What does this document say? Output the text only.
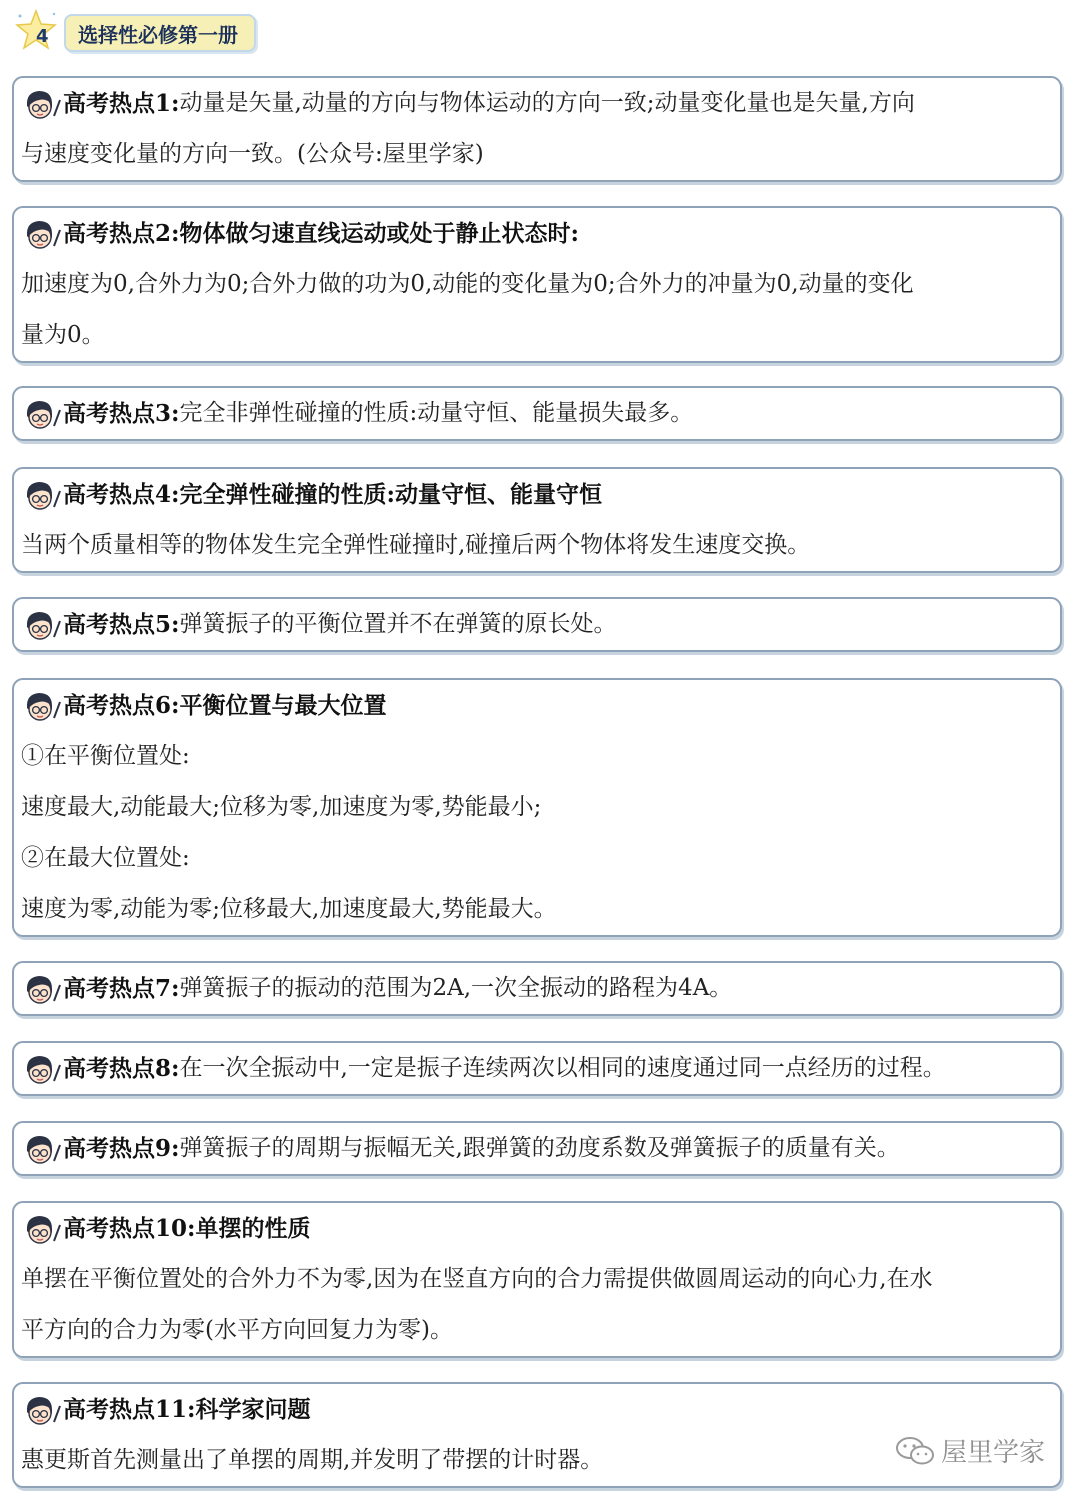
4 选择性必修第一册
高考热点1: 动量是矢量,动量的方向与物体运动的方向一致;动量变化量也是矢量,方向
与速度变化量的方向一致。(公众号:屋里学家)
高考热点2: 物体做匀速直线运动或处于静止状态时:
加速度为0,合外力为0;合外力做的功为0,动能的变化量为0;合外力的冲量为0,动量的变化
量为0。
高考热点3: 完全非弹性碰撞的性质:动量守恒、能量损失最多。
高考热点4: 完全弹性碰撞的性质:动量守恒、能量守恒
当两个质量相等的物体发生完全弹性碰撞时,碰撞后两个物体将发生速度交换。
高考热点5: 弹簧振子的平衡位置并不在弹簧的原长处。
高考热点6: 平衡位置与最大位置
①在平衡位置处:
速度最大,动能最大;位移为零,加速度为零,势能最小;
②在最大位置处:
速度为零,动能为零;位移最大,加速度最大,势能最大。
高考热点7: 弹簧振子的振动的范围为2A,一次全振动的路程为4A。
高考热点8: 在一次全振动中,一定是振子连续两次以相同的速度通过同一点经历的过程。
高考热点9: 弹簧振子的周期与振幅无关,跟弹簧的劲度系数及弹簧振子的质量有关。
高考热点10: 单摆的性质
单摆在平衡位置处的合外力不为零,因为在竖直方向的合力需提供做圆周运动的向心力,在水
平方向的合力为零(水平方向回复力为零)。
高考热点11: 科学家问题
惠更斯首先测量出了单摆的周期,并发明了带摆的计时器。	屋里学家
